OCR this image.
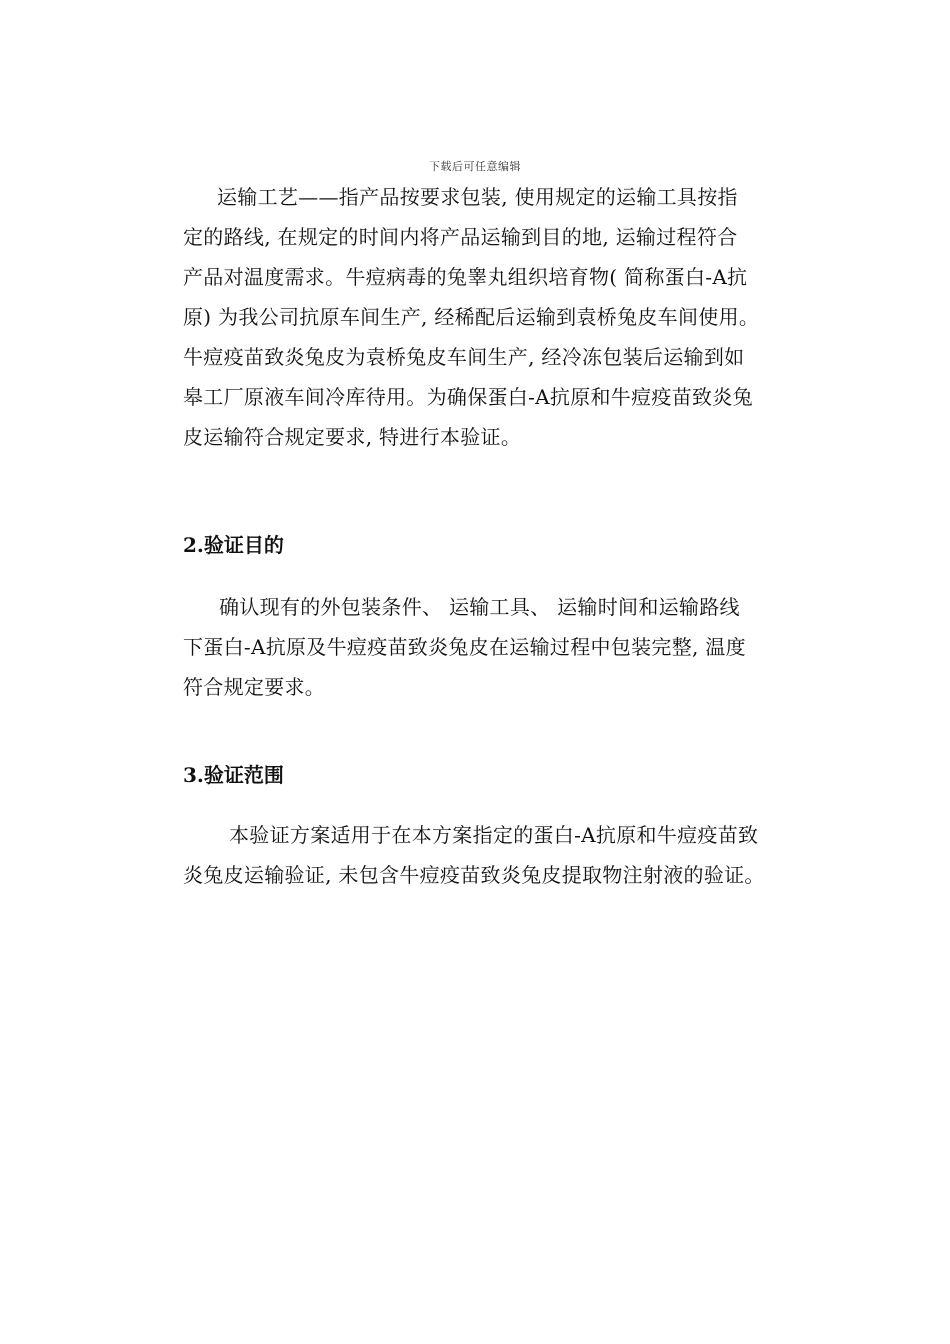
下载后可任意编辑
运输工艺——指产品按要求包装, 使用规定的运输工具按指
定的路线, 在规定的时间内将产品运输到目的地, 运输过程符合
产品对温度需求。牛痘病毒的兔睾丸组织培育物( 简称蛋白-A抗
原) 为我公司抗原车间生产, 经稀配后运输到袁桥兔皮车间使用。
牛痘疫苗致炎兔皮为袁桥兔皮车间生产, 经冷冻包装后运输到如
皋工厂原液车间冷库待用。为确保蛋白-A抗原和牛痘疫苗致炎兔
皮运输符合规定要求, 特进行本验证。
2.验证目的
确认现有的外包装条件、 运输工具、 运输时间和运输路线
下蛋白-A抗原及牛痘疫苗致炎兔皮在运输过程中包装完整, 温度
符合规定要求。
3.验证范围
本验证方案适用于在本方案指定的蛋白-A抗原和牛痘疫苗致
炎兔皮运输验证, 未包含牛痘疫苗致炎兔皮提取物注射液的验证。
